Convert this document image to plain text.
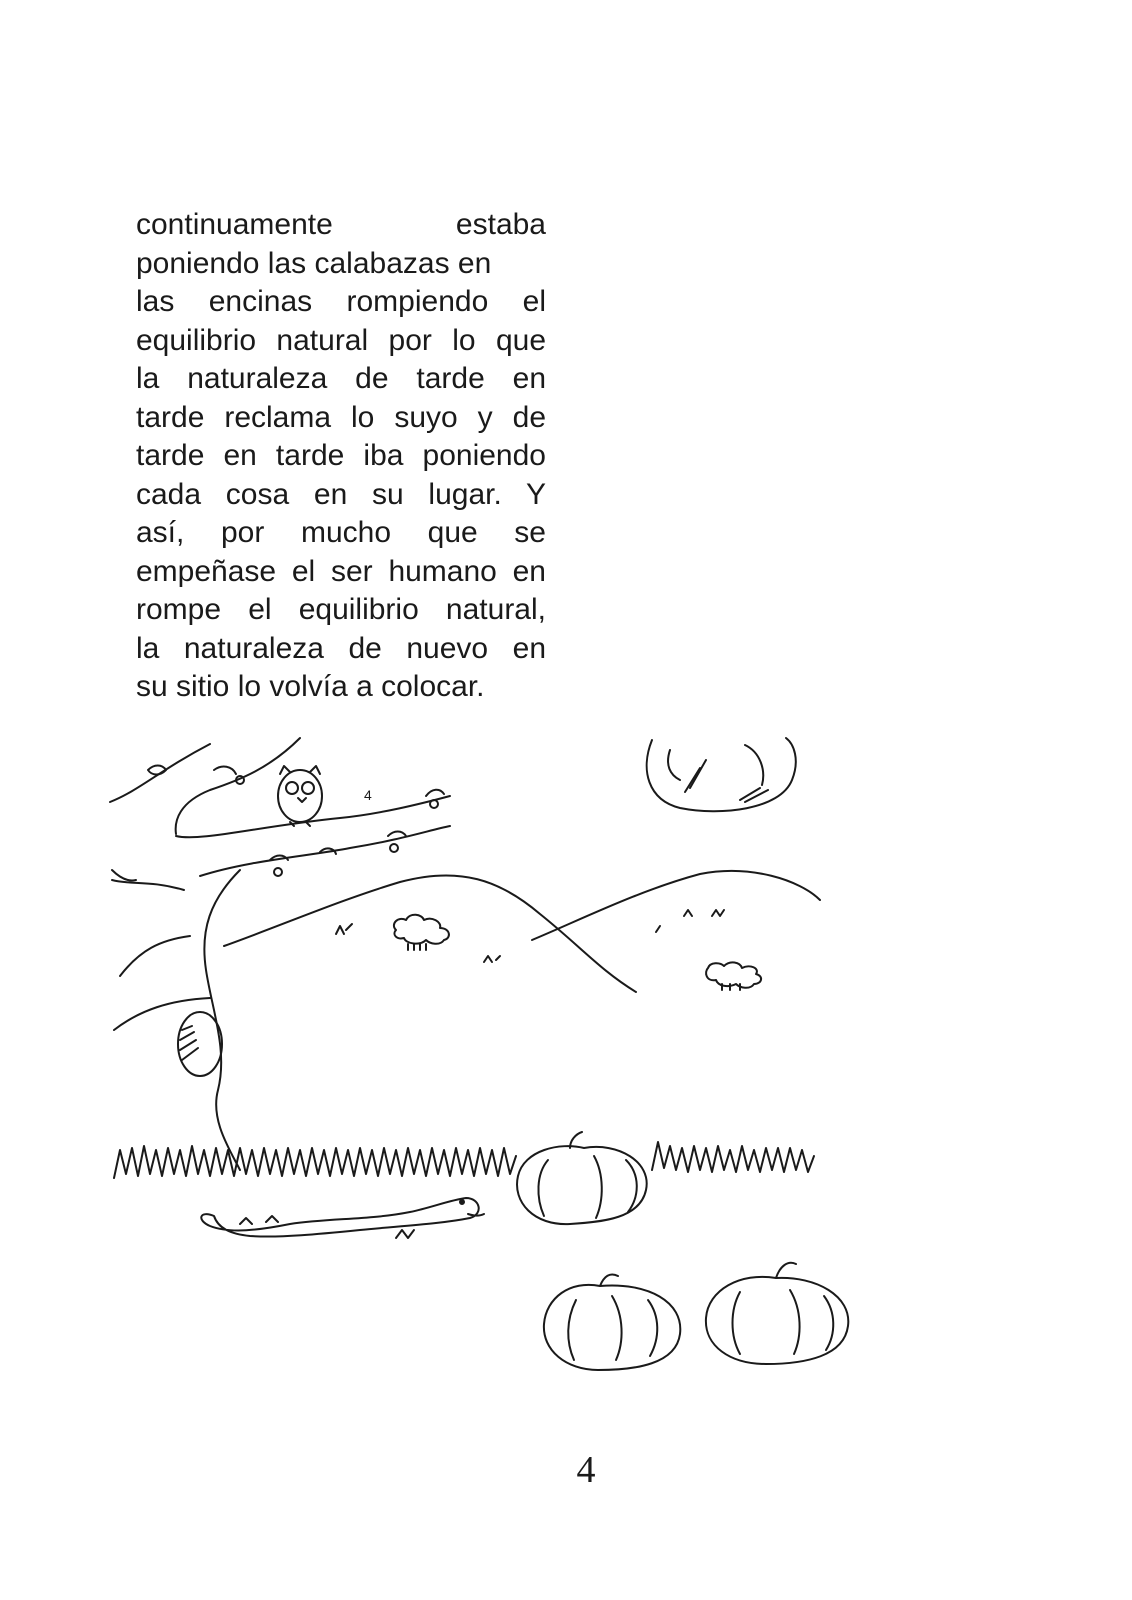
continuamente estaba
poniendo las calabazas en
las encinas rompiendo el
equilibrio natural por lo que
la naturaleza de tarde en
tarde reclama lo suyo y de
tarde en tarde iba poniendo
cada cosa en su lugar. Y
así, por mucho que se
empeñase el ser humano en
rompe el equilibrio natural,
la naturaleza de nuevo en
su sitio lo volvía a colocar.
4
4
